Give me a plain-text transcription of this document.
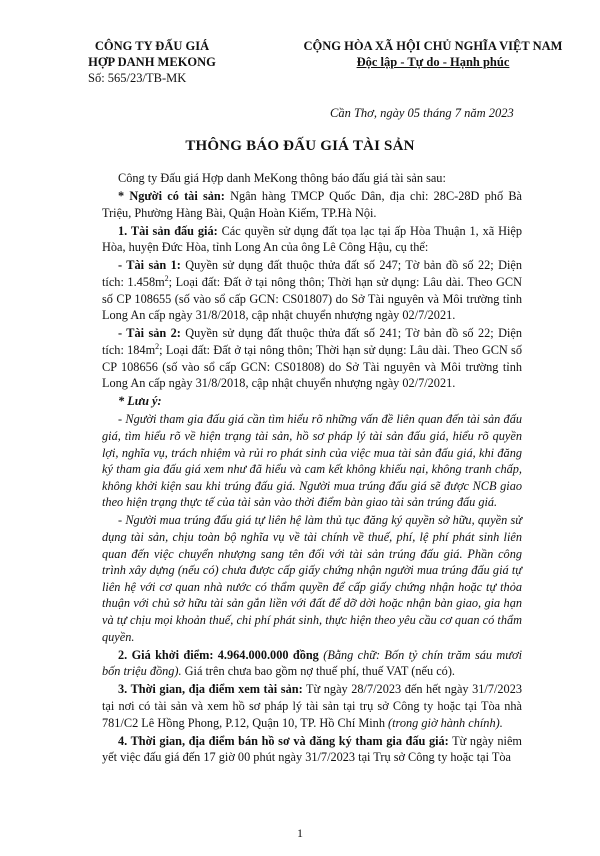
CÔNG TY ĐẤU GIÁ
HỢP DANH MEKONG
Số: 565/23/TB-MK
CỘNG HÒA XÃ HỘI CHỦ NGHĨA VIỆT NAM
Độc lập - Tự do - Hạnh phúc
Cần Thơ, ngày 05 tháng 7 năm 2023
THÔNG BÁO ĐẤU GIÁ TÀI SẢN

Công ty Đấu giá Hợp danh MeKong thông báo đấu giá tài sản sau:

* Người có tài sản: Ngân hàng TMCP Quốc Dân, địa chỉ: 28C-28D phố Bà Triệu, Phường Hàng Bài, Quận Hoàn Kiếm, TP.Hà Nội.

1. Tài sản đấu giá: Các quyền sử dụng đất tọa lạc tại ấp Hòa Thuận 1, xã Hiệp Hòa, huyện Đức Hòa, tỉnh Long An của ông Lê Công Hậu, cụ thể:

- Tài sản 1: Quyền sử dụng đất thuộc thửa đất số 247; Tờ bản đồ số 22; Diện tích: $1.458m^2$; Loại đất: Đất ở tại nông thôn; Thời hạn sử dụng: Lâu dài. Theo GCN số CP 108655 (số vào sổ cấp GCN: CS01807) do Sở Tài nguyên và Môi trường tỉnh Long An cấp ngày 31/8/2018, cập nhật chuyển nhượng ngày 02/7/2021.

- Tài sản 2: Quyền sử dụng đất thuộc thửa đất số 241; Tờ bản đồ số 22; Diện tích: $184m^2$; Loại đất: Đất ở tại nông thôn; Thời hạn sử dụng: Lâu dài. Theo GCN số CP 108656 (số vào sổ cấp GCN: CS01808) do Sở Tài nguyên và Môi trường tỉnh Long An cấp ngày 31/8/2018, cập nhật chuyển nhượng ngày 02/7/2021.

* Lưu ý:

- Người tham gia đấu giá cần tìm hiểu rõ những vấn đề liên quan đến tài sản đấu giá, tìm hiểu rõ về hiện trạng tài sản, hồ sơ pháp lý tài sản đấu giá, hiểu rõ quyền lợi, nghĩa vụ, trách nhiệm và rủi ro phát sinh của việc mua tài sản đấu giá, khi đăng ký tham gia đấu giá xem như đã hiểu và cam kết không khiếu nại, không tranh chấp, không khởi kiện sau khi trúng đấu giá. Người mua trúng đấu giá sẽ được NCB giao theo hiện trạng thực tế của tài sản vào thời điểm bàn giao tài sản trúng đấu giá.

- Người mua trúng đấu giá tự liên hệ làm thủ tục đăng ký quyền sở hữu, quyền sử dụng tài sản, chịu toàn bộ nghĩa vụ về tài chính về thuế, phí, lệ phí phát sinh liên quan đến việc chuyển nhượng sang tên đối với tài sản trúng đấu giá. Phần công trình xây dựng (nếu có) chưa được cấp giấy chứng nhận người mua trúng đấu giá tự liên hệ với cơ quan nhà nước có thẩm quyền để cấp giấy chứng nhận hoặc tự thỏa thuận với chủ sở hữu tài sản gắn liền với đất để dỡ dời hoặc nhận bàn giao, gia hạn và tự chịu mọi khoản thuế, chi phí phát sinh, thực hiện theo yêu cầu cơ quan có thẩm quyền.

2. Giá khởi điểm: 4.964.000.000 đồng (Bằng chữ: Bốn tỷ chín trăm sáu mươi bốn triệu đồng). Giá trên chưa bao gồm nợ thuế phí, thuế VAT (nếu có).

3. Thời gian, địa điểm xem tài sản: Từ ngày 28/7/2023 đến hết ngày 31/7/2023 tại nơi có tài sản và xem hồ sơ pháp lý tài sản tại trụ sở Công ty hoặc tại Tòa nhà 781/C2 Lê Hồng Phong, P.12, Quận 10, TP. Hồ Chí Minh (trong giờ hành chính).

4. Thời gian, địa điểm bán hồ sơ và đăng ký tham gia đấu giá: Từ ngày niêm yết việc đấu giá đến 17 giờ 00 phút ngày 31/7/2023 tại Trụ sở Công ty hoặc tại Tòa

1
